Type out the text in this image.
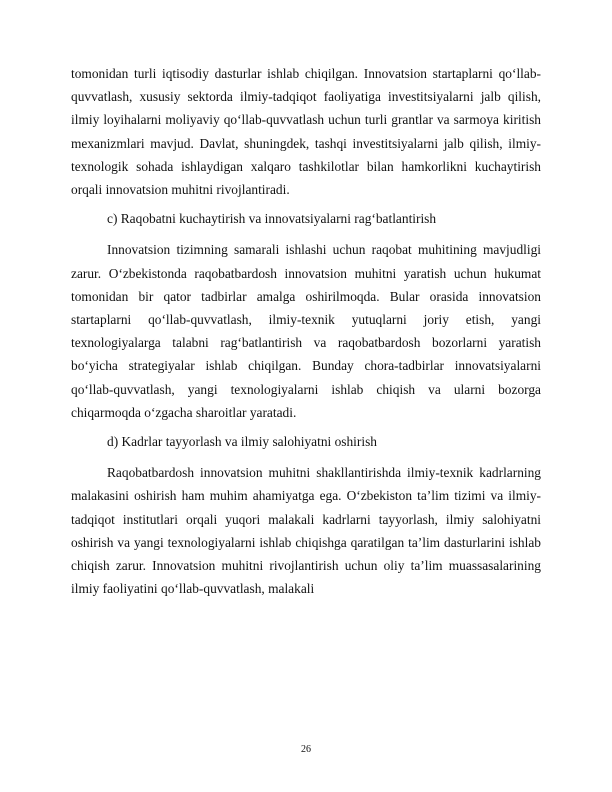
tomonidan turli iqtisodiy dasturlar ishlab chiqilgan. Innovatsion startaplarni qo‘llab-quvvatlash, xususiy sektorda ilmiy-tadqiqot faoliyatiga investitsiyalarni jalb qilish, ilmiy loyihalarni moliyaviy qo‘llab-quvvatlash uchun turli grantlar va sarmoya kiritish mexanizmlari mavjud. Davlat, shuningdek, tashqi investitsiyalarni jalb qilish, ilmiy-texnologik sohada ishlaydigan xalqaro tashkilotlar bilan hamkorlikni kuchaytirish orqali innovatsion muhitni rivojlantiradi.

c) Raqobatni kuchaytirish va innovatsiyalarni rag‘batlantirish

Innovatsion tizimning samarali ishlashi uchun raqobat muhitining mavjudligi zarur. O‘zbekistonda raqobatbardosh innovatsion muhitni yaratish uchun hukumat tomonidan bir qator tadbirlar amalga oshirilmoqda. Bular orasida innovatsion startaplarni qo‘llab-quvvatlash, ilmiy-texnik yutuqlarni joriy etish, yangi texnologiyalarga talabni rag‘batlantirish va raqobatbardosh bozorlarni yaratish bo‘yicha strategiyalar ishlab chiqilgan. Bunday chora-tadbirlar innovatsiyalarni qo‘llab-quvvatlash, yangi texnologiyalarni ishlab chiqish va ularni bozorga chiqarmoqda o‘zgacha sharoitlar yaratadi.

d) Kadrlar tayyorlash va ilmiy salohiyatni oshirish

Raqobatbardosh innovatsion muhitni shakllantirishda ilmiy-texnik kadrlarning malakasini oshirish ham muhim ahamiyatga ega. O‘zbekiston ta’lim tizimi va ilmiy-tadqiqot institutlari orqali yuqori malakali kadrlarni tayyorlash, ilmiy salohiyatni oshirish va yangi texnologiyalarni ishlab chiqishga qaratilgan ta’lim dasturlarini ishlab chiqish zarur. Innovatsion muhitni rivojlantirish uchun oliy ta’lim muassasalarining ilmiy faoliyatini qo‘llab-quvvatlash, malakali

26
